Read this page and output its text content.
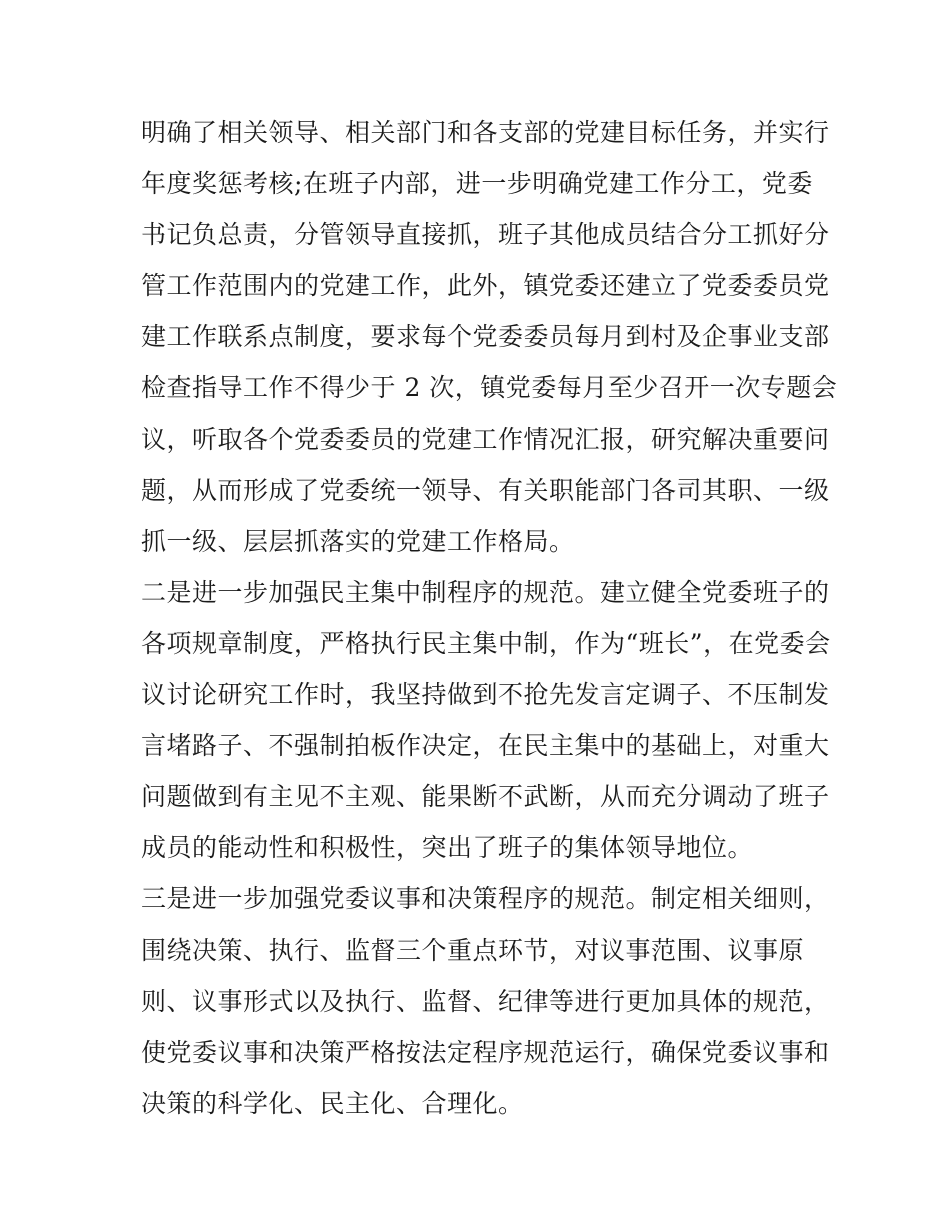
明确了相关领导、相关部门和各支部的党建目标任务，并实行
年度奖惩考核;在班子内部，进一步明确党建工作分工，党委
书记负总责，分管领导直接抓，班子其他成员结合分工抓好分
管工作范围内的党建工作，此外，镇党委还建立了党委委员党
建工作联系点制度，要求每个党委委员每月到村及企事业支部
检查指导工作不得少于 2 次，镇党委每月至少召开一次专题会
议，听取各个党委委员的党建工作情况汇报，研究解决重要问
题，从而形成了党委统一领导、有关职能部门各司其职、一级
抓一级、层层抓落实的党建工作格局。
二是进一步加强民主集中制程序的规范。建立健全党委班子的
各项规章制度，严格执行民主集中制，作为“班长”，在党委会
议讨论研究工作时，我坚持做到不抢先发言定调子、不压制发
言堵路子、不强制拍板作决定，在民主集中的基础上，对重大
问题做到有主见不主观、能果断不武断，从而充分调动了班子
成员的能动性和积极性，突出了班子的集体领导地位。
三是进一步加强党委议事和决策程序的规范。制定相关细则，
围绕决策、执行、监督三个重点环节，对议事范围、议事原
则、议事形式以及执行、监督、纪律等进行更加具体的规范，
使党委议事和决策严格按法定程序规范运行，确保党委议事和
决策的科学化、民主化、合理化。
